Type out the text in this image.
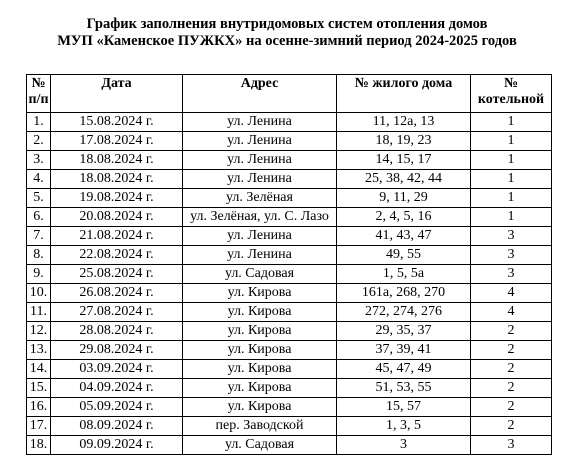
График заполнения внутридомовых систем отопления домов
МУП «Каменское ПУЖКХ» на осенне-зимний период 2024-2025 годов
№ п/п	Дата	Адрес	№ жилого дома	№ котельной
1.	15.08.2024 г.	ул. Ленина	11, 12а, 13	1
2.	17.08.2024 г.	ул. Ленина	18, 19, 23	1
3.	18.08.2024 г.	ул. Ленина	14, 15, 17	1
4.	18.08.2024 г.	ул. Ленина	25, 38, 42, 44	1
5.	19.08.2024 г.	ул. Зелёная	9, 11, 29	1
6.	20.08.2024 г.	ул. Зелёная, ул. С. Лазо	2, 4, 5, 16	1
7.	21.08.2024 г.	ул. Ленина	41, 43, 47	3
8.	22.08.2024 г.	ул. Ленина	49, 55	3
9.	25.08.2024 г.	ул. Садовая	1, 5, 5а	3
10.	26.08.2024 г.	ул. Кирова	161а, 268, 270	4
11.	27.08.2024 г.	ул. Кирова	272, 274, 276	4
12.	28.08.2024 г.	ул. Кирова	29, 35, 37	2
13.	29.08.2024 г.	ул. Кирова	37, 39, 41	2
14.	03.09.2024 г.	ул. Кирова	45, 47, 49	2
15.	04.09.2024 г.	ул. Кирова	51, 53, 55	2
16.	05.09.2024 г.	ул. Кирова	15, 57	2
17.	08.09.2024 г.	пер. Заводской	1, 3, 5	2
18.	09.09.2024 г.	ул. Садовая	3	3
